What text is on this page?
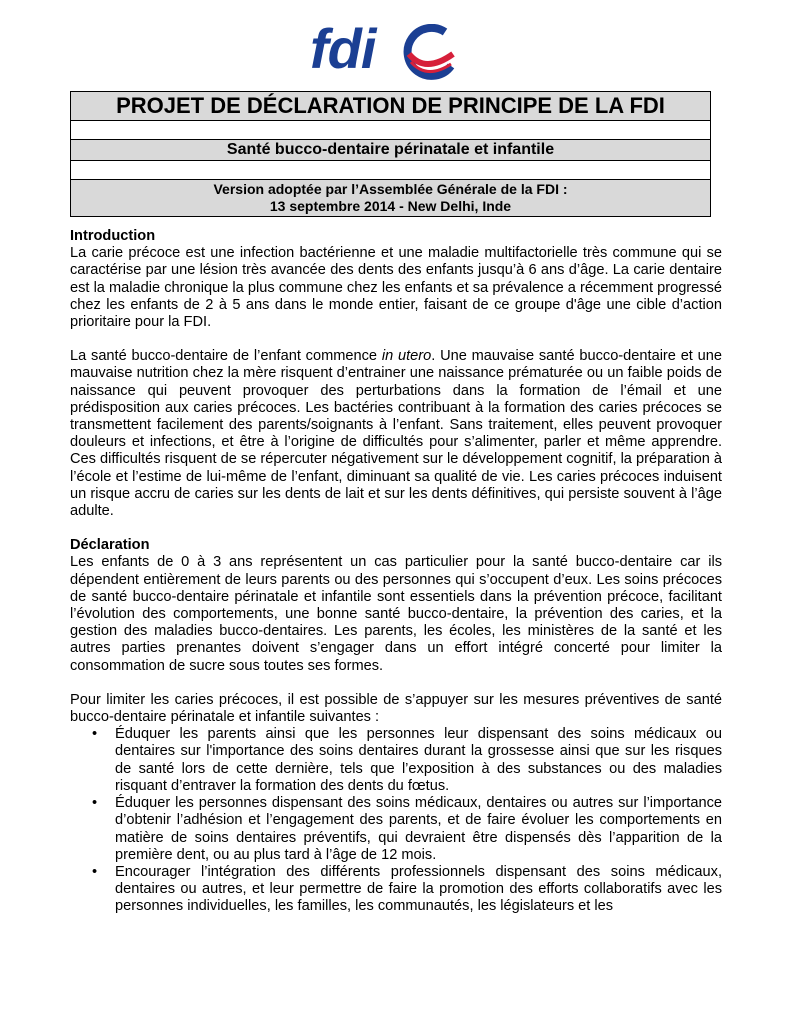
fdi
PROJET DE DÉCLARATION DE PRINCIPE DE LA FDI

Santé bucco-dentaire périnatale et infantile

Version adoptée par l’Assemblée Générale de la FDI :
13 septembre 2014 - New Delhi, Inde
Introduction

La carie précoce est une infection bactérienne et une maladie multifactorielle très commune qui se caractérise par une lésion très avancée des dents des enfants jusqu’à 6 ans d’âge. La carie dentaire est la maladie chronique la plus commune chez les enfants et sa prévalence a récemment progressé chez les enfants de 2 à 5 ans dans le monde entier, faisant de ce groupe d'âge une cible d’action prioritaire pour la FDI.

La santé bucco-dentaire de l’enfant commence in utero. Une mauvaise santé bucco-dentaire et une mauvaise nutrition chez la mère risquent d’entrainer une naissance prématurée ou un faible poids de naissance qui peuvent provoquer des perturbations dans la formation de l’émail et une prédisposition aux caries précoces. Les bactéries contribuant à la formation des caries précoces se transmettent facilement des parents/soignants à l’enfant. Sans traitement, elles peuvent provoquer douleurs et infections, et être à l’origine de difficultés pour s’alimenter, parler et même apprendre. Ces difficultés risquent de se répercuter négativement sur le développement cognitif, la préparation à l’école et l’estime de lui-même de l’enfant, diminuant sa qualité de vie. Les caries précoces induisent un risque accru de caries sur les dents de lait et sur les dents définitives, qui persiste souvent à l’âge adulte.

Déclaration

Les enfants de 0 à 3 ans représentent un cas particulier pour la santé bucco-dentaire car ils dépendent entièrement de leurs parents ou des personnes qui s’occupent d’eux. Les soins précoces de santé bucco-dentaire périnatale et infantile sont essentiels dans la prévention précoce, facilitant l’évolution des comportements, une bonne santé bucco-dentaire, la prévention des caries, et la gestion des maladies bucco-dentaires. Les parents, les écoles, les ministères de la santé et les autres parties prenantes doivent s’engager dans un effort intégré concerté pour limiter la consommation de sucre sous toutes ses formes.

Pour limiter les caries précoces, il est possible de s’appuyer sur les mesures préventives de santé bucco-dentaire périnatale et infantile suivantes :

• Éduquer les parents ainsi que les personnes leur dispensant des soins médicaux ou dentaires sur l'importance des soins dentaires durant la grossesse ainsi que sur les risques de santé lors de cette dernière, tels que l’exposition à des substances ou des maladies risquant d’entraver la formation des dents du fœtus.
• Éduquer les personnes dispensant des soins médicaux, dentaires ou autres sur l’importance d’obtenir l’adhésion et l’engagement des parents, et de faire évoluer les comportements en matière de soins dentaires préventifs, qui devraient être dispensés dès l’apparition de la première dent, ou au plus tard à l’âge de 12 mois.
• Encourager l’intégration des différents professionnels dispensant des soins médicaux, dentaires ou autres, et leur permettre de faire la promotion des efforts collaboratifs avec les personnes individuelles, les familles, les communautés, les législateurs et les
